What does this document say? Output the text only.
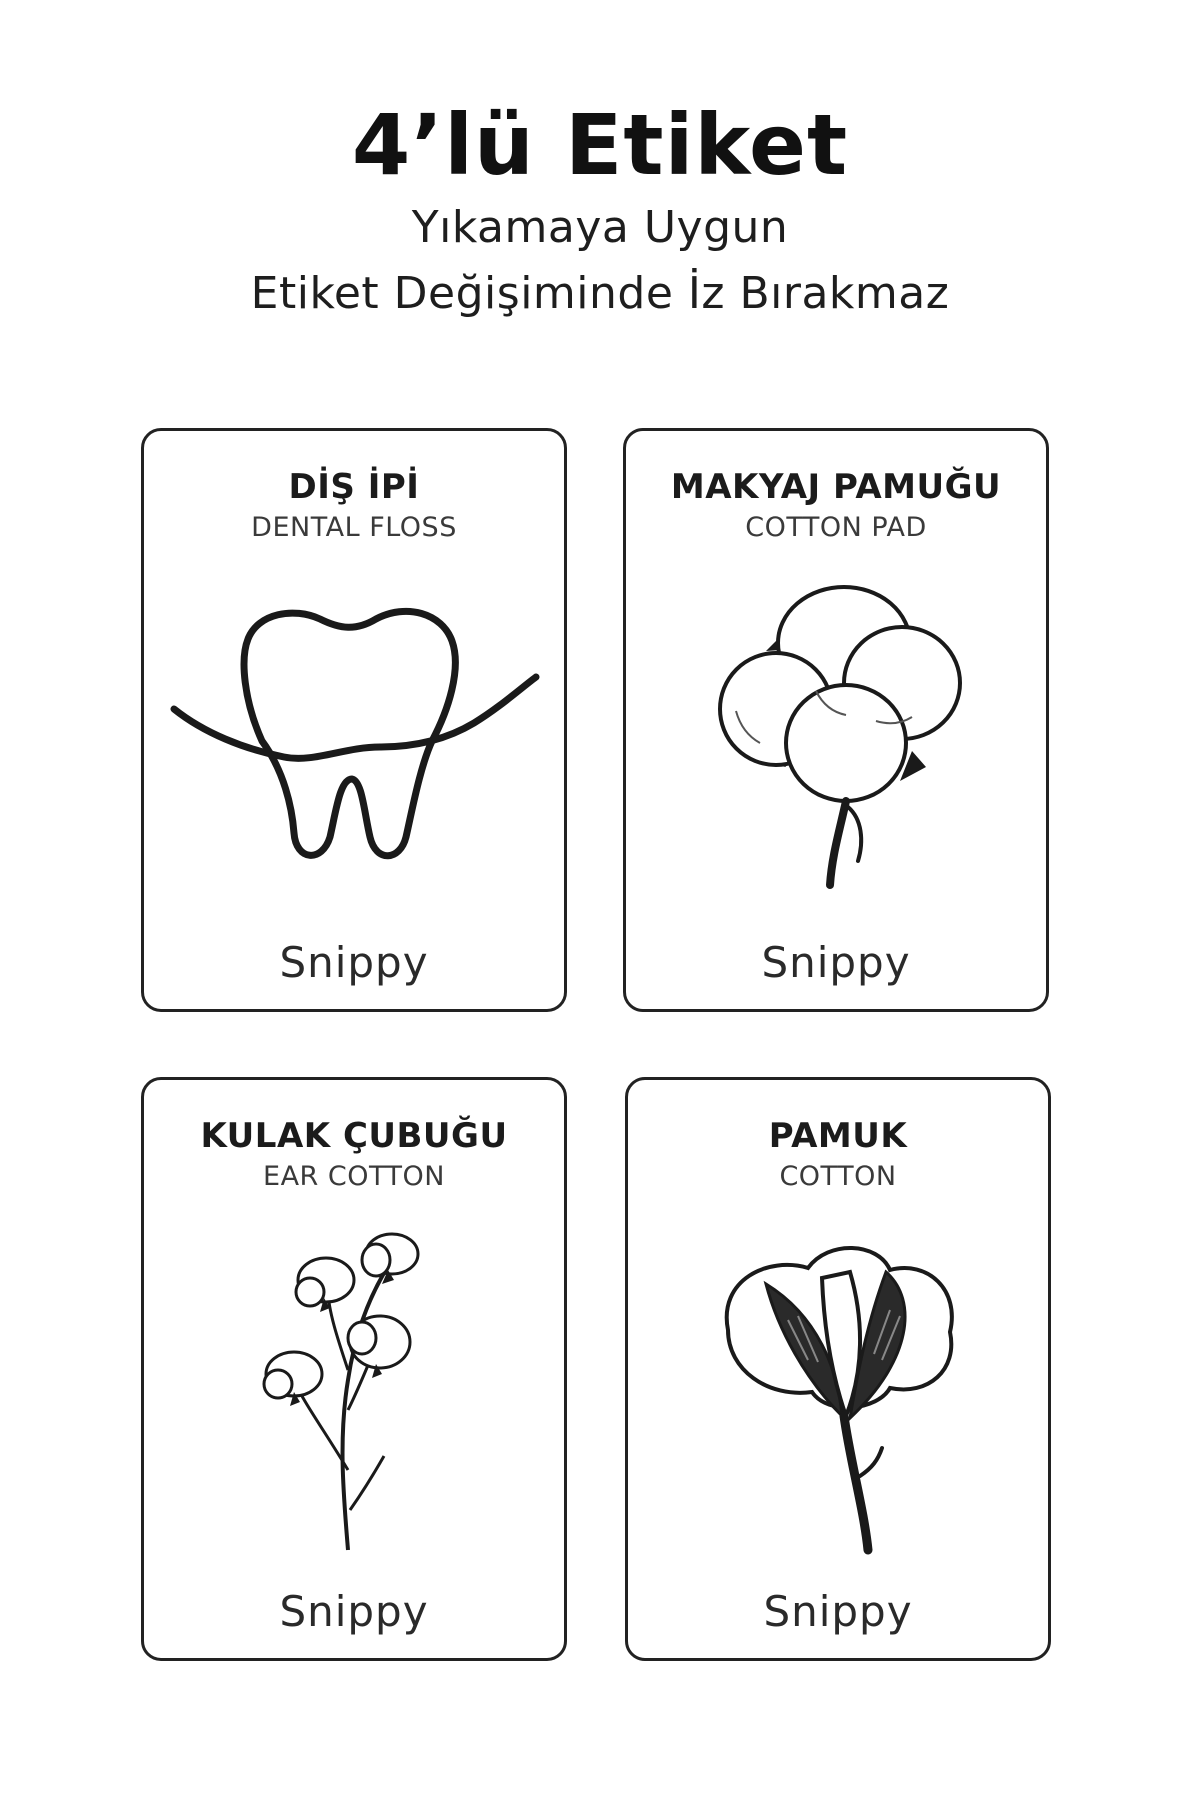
4’lü Etiket
Yıkamaya Uygun
Etiket Değişiminde İz Bırakmaz
DİŞ İPİ
DENTAL FLOSS
Snippy
MAKYAJ PAMUĞU
COTTON PAD
Snippy
KULAK ÇUBUĞU
EAR COTTON
Snippy
PAMUK
COTTON
Snippy
